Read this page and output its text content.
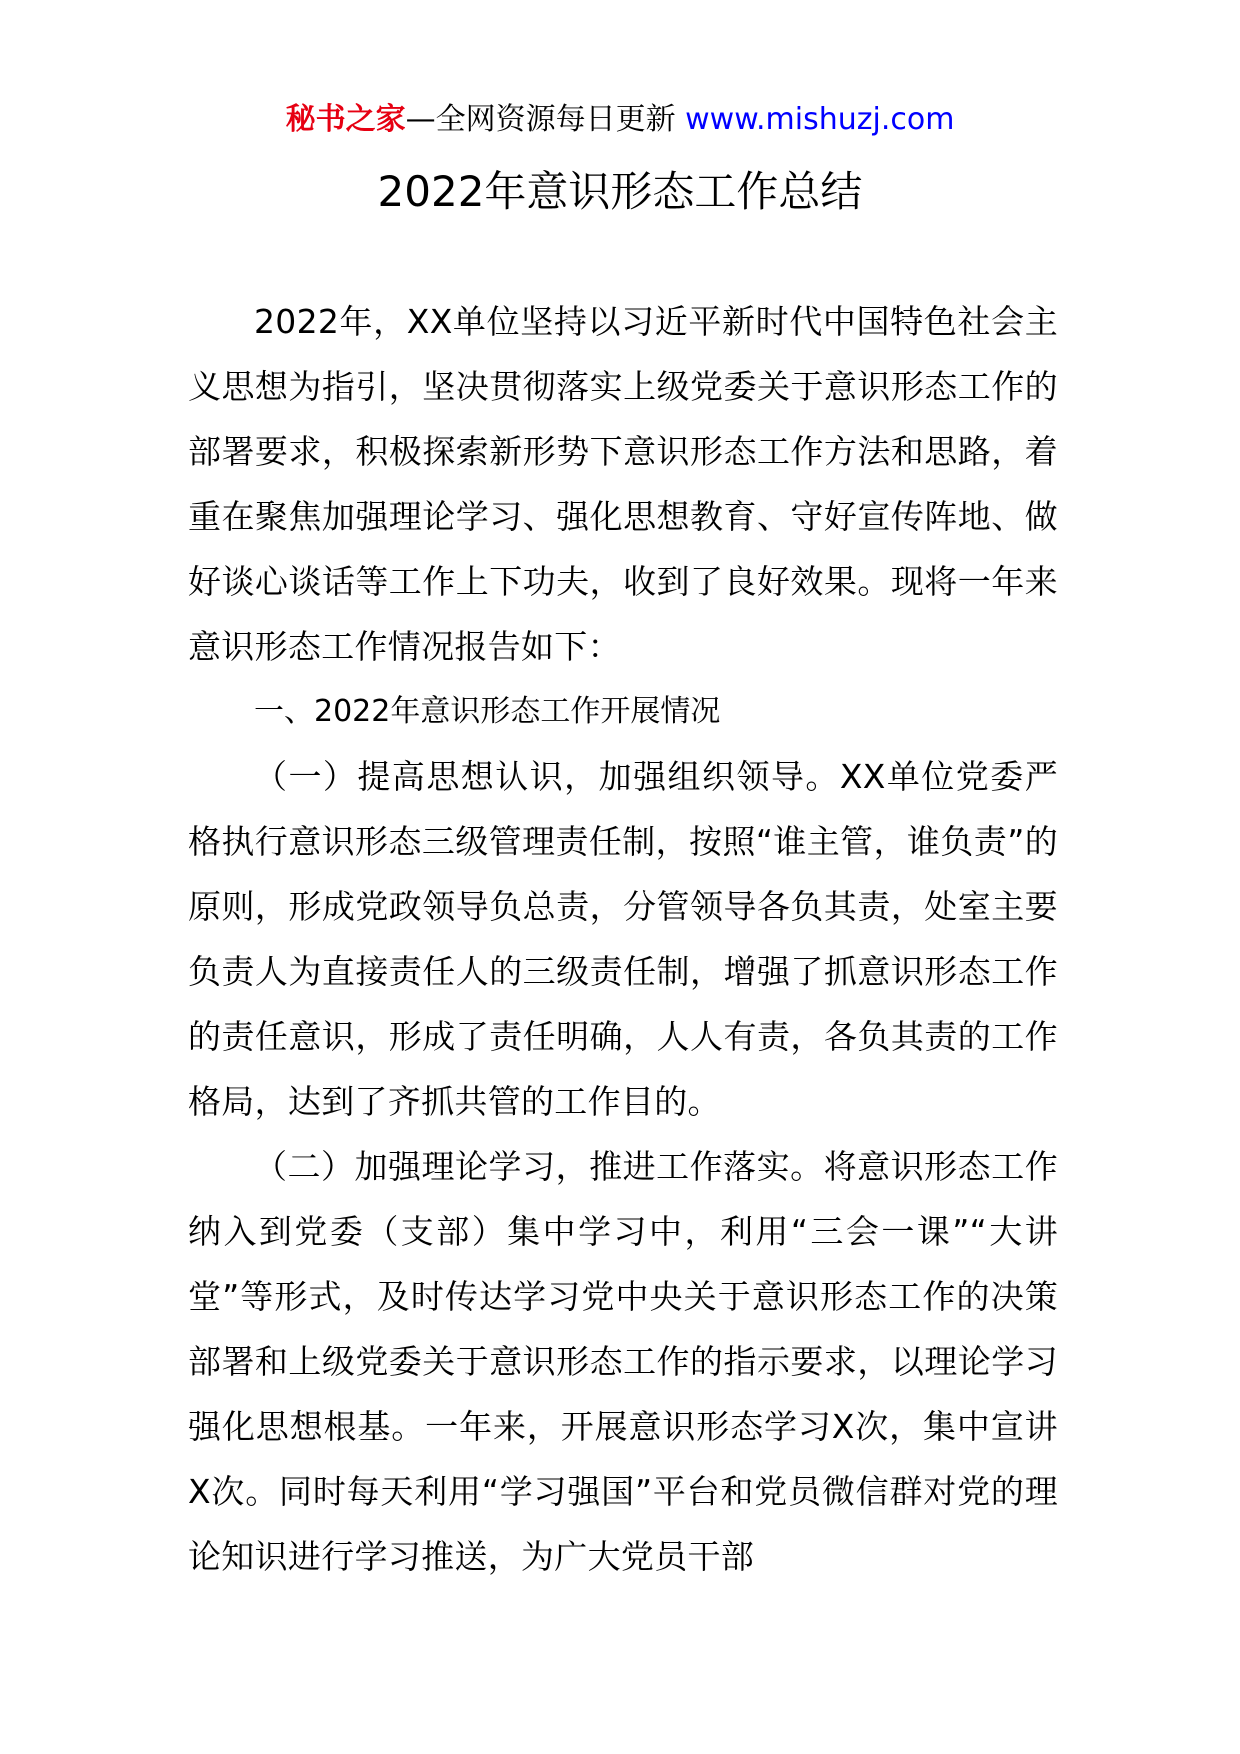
秘书之家—全网资源每日更新 www.mishuzj.com
2022年意识形态工作总结

2022年，XX单位坚持以习近平新时代中国特色社会主义思想为指引，坚决贯彻落实上级党委关于意识形态工作的部署要求，积极探索新形势下意识形态工作方法和思路，着重在聚焦加强理论学习、强化思想教育、守好宣传阵地、做好谈心谈话等工作上下功夫，收到了良好效果。现将一年来意识形态工作情况报告如下：

一、2022年意识形态工作开展情况

（一）提高思想认识，加强组织领导。XX单位党委严格执行意识形态三级管理责任制，按照“谁主管，谁负责”的原则，形成党政领导负总责，分管领导各负其责，处室主要负责人为直接责任人的三级责任制，增强了抓意识形态工作的责任意识，形成了责任明确，人人有责，各负其责的工作格局，达到了齐抓共管的工作目的。

（二）加强理论学习，推进工作落实。将意识形态工作纳入到党委（支部）集中学习中，利用“三会一课”“大讲堂”等形式，及时传达学习党中央关于意识形态工作的决策部署和上级党委关于意识形态工作的指示要求，以理论学习强化思想根基。一年来，开展意识形态学习X次，集中宣讲X次。同时每天利用“学习强国”平台和党员微信群对党的理论知识进行学习推送，为广大党员干部
